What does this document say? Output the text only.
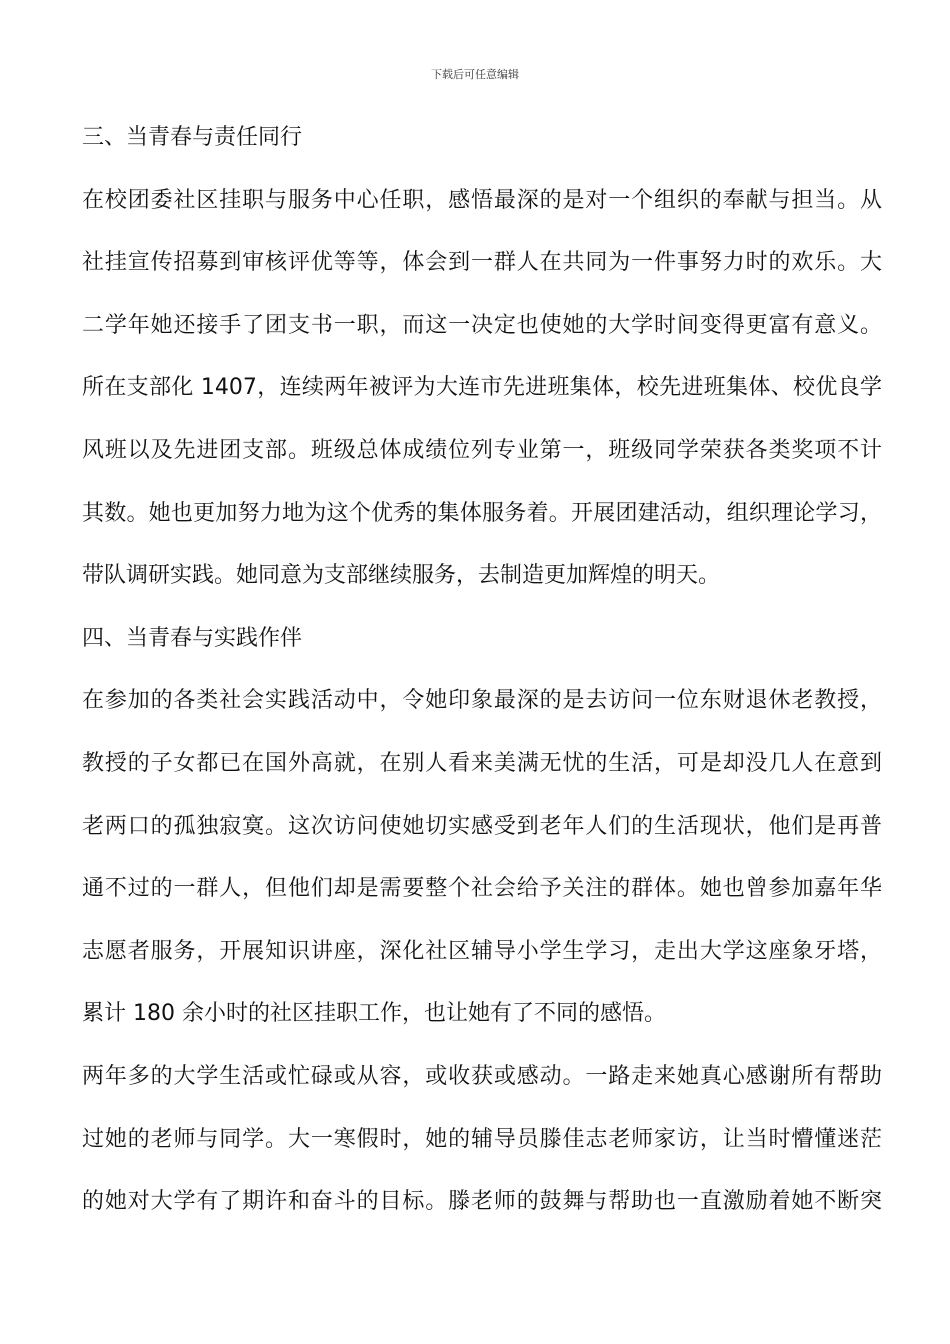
下载后可任意编辑
三、当青春与责任同行
在校团委社区挂职与服务中心任职，感悟最深的是对一个组织的奉献与担当。从
社挂宣传招募到审核评优等等，体会到一群人在共同为一件事努力时的欢乐。大
二学年她还接手了团支书一职，而这一决定也使她的大学时间变得更富有意义。
所在支部化 1407，连续两年被评为大连市先进班集体，校先进班集体、校优良学
风班以及先进团支部。班级总体成绩位列专业第一，班级同学荣获各类奖项不计
其数。她也更加努力地为这个优秀的集体服务着。开展团建活动，组织理论学习，
带队调研实践。她同意为支部继续服务，去制造更加辉煌的明天。
四、当青春与实践作伴
在参加的各类社会实践活动中，令她印象最深的是去访问一位东财退休老教授，
教授的子女都已在国外高就，在别人看来美满无忧的生活，可是却没几人在意到
老两口的孤独寂寞。这次访问使她切实感受到老年人们的生活现状，他们是再普
通不过的一群人，但他们却是需要整个社会给予关注的群体。她也曾参加嘉年华
志愿者服务，开展知识讲座，深化社区辅导小学生学习，走出大学这座象牙塔，
累计 180 余小时的社区挂职工作，也让她有了不同的感悟。
两年多的大学生活或忙碌或从容，或收获或感动。一路走来她真心感谢所有帮助
过她的老师与同学。大一寒假时，她的辅导员滕佳志老师家访，让当时懵懂迷茫
的她对大学有了期许和奋斗的目标。滕老师的鼓舞与帮助也一直激励着她不断突
